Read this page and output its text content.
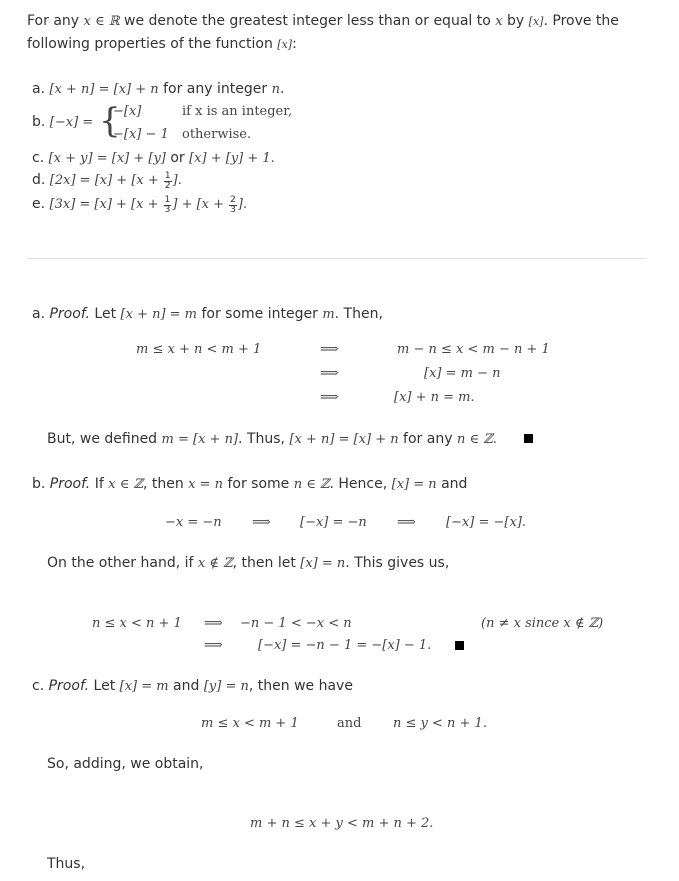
For any x ∈ ℝ we denote the greatest integer less than or equal to x by [x]. Prove the
following properties of the function [x]:
a. [x + n] = [x] + n for any integer n.
b. [−x] = {
−[x]	if x is an integer,
−[x] − 1 otherwise.
c. [x + y] = [x] + [y] or [x] + [y] + 1.
d. $[2x] = [x] + [x + \frac{1}{2}$ ].
e. $[3x] = [x] + [x + \frac{1}{3}$ ] + [$x + \frac{2}{3}$ ].
a. Proof. Let [x + n] = m for some integer m. Then,
m ≤ x + n < m + 1	⟹	m − n ≤ x < m − n + 1
⟹	[x] = m − n
⟹	[x] + n = m.
But, we defined m = [x + n]. Thus, [x + n] = [x] + n for any n ∈ ℤ.
b. Proof. If x ∈ ℤ, then x = n for some n ∈ ℤ. Hence, [x] = n and
−x = −n ⟹ [−x] = −n ⟹ [−x] = −[x].
On the other hand, if x ∉ ℤ, then let [x] = n. This gives us,
n ≤ x < n + 1 ⟹ −n − 1 < −x < n	(n ≠ x since x ∉ ℤ)
⟹	[−x] = −n − 1 = −[x] − 1.
c. Proof. Let [x] = m and [y] = n, then we have
m ≤ x < m + 1	and n ≤ y < n + 1.
So, adding, we obtain,
m + n ≤ x + y < m + n + 2.
Thus,
